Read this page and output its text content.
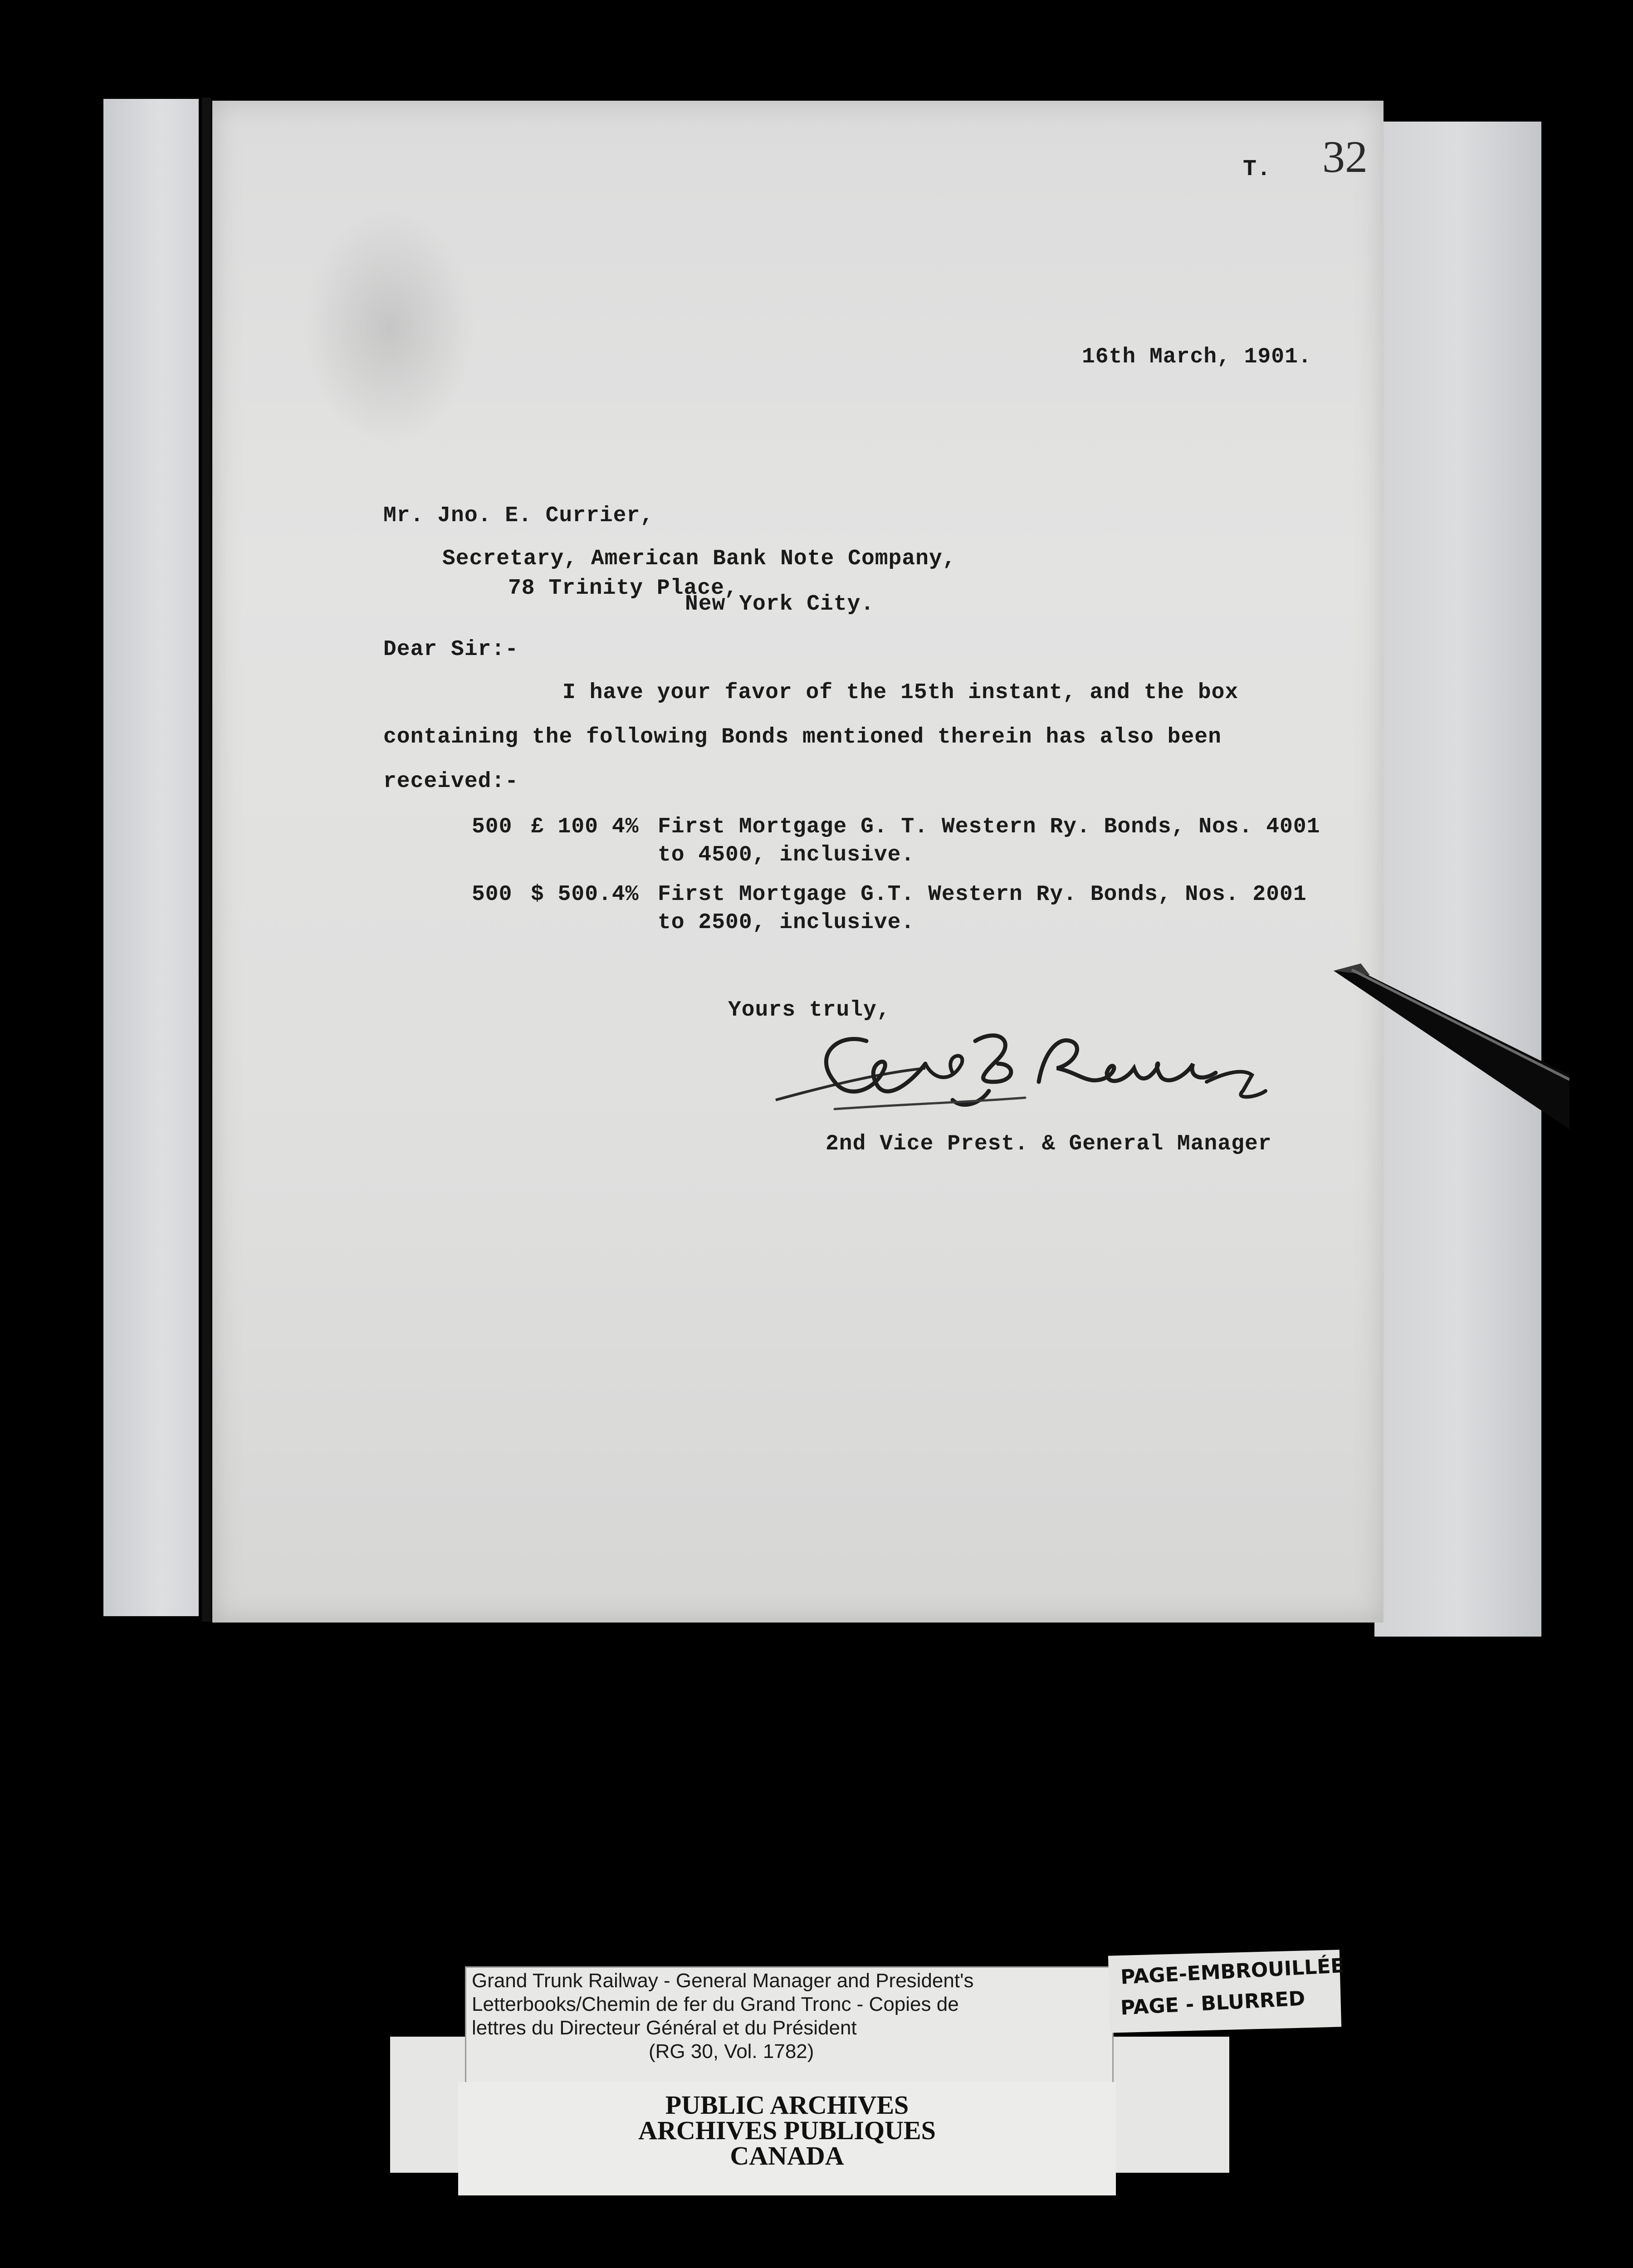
T. 32
16th March, 1901.
Mr. Jno. E. Currier,
Secretary, American Bank Note Company,
78 Trinity Place,
New York City.
Dear Sir:-
I have your favor of the 15th instant, and the box
containing the following Bonds mentioned therein has also been
received:-
500 £ 100 4% First Mortgage G. T. Western Ry. Bonds, Nos. 4001
to 4500, inclusive.
500 $ 500.4% First Mortgage G.T. Western Ry. Bonds, Nos. 2001
to 2500, inclusive.
Yours truly,
2nd Vice Prest. & General Manager

Grand Trunk Railway - General Manager and President's

Letterbooks/Chemin de fer du Grand Tronc - Copies de

lettres du Directeur Général et du Président

(RG 30, Vol. 1782)

PUBLIC ARCHIVES

ARCHIVES PUBLIQUES

CANADA

PAGE-EMBROUILLÉE

PAGE - BLURRED
